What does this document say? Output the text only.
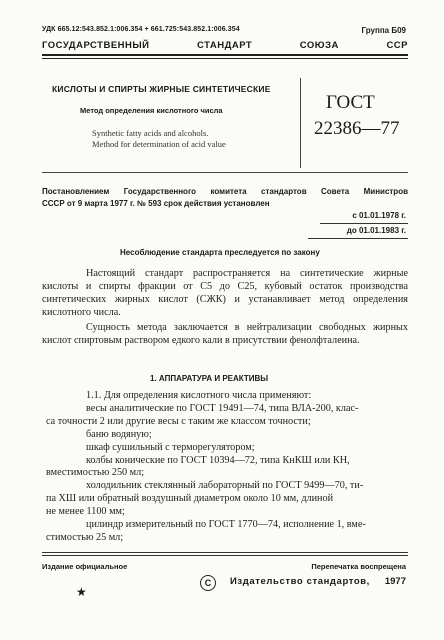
УДК 665.12:543.852.1:006.354 + 661.725:543.852.1:006.354	Группа Б09

ГОСУДАРСТВЕННЫЙ	СТАНДАРТ	СОЮЗА	ССР

КИСЛОТЫ И СПИРТЫ ЖИРНЫЕ СИНТЕТИЧЕСКИЕ

Метод определения кислотного числа

Synthetic fatty acids and alcohols.
Method for determination of acid value

ГОСТ

22386—77

Постановлением Государственного комитета стандартов Совета Министров
СССР от 9 марта 1977 г. № 593 срок действия установлен

с 01.01.1978 г.

до 01.01.1983 г.

Несоблюдение стандарта преследуется по закону

Настоящий стандарт распространяется на синтетические жирные кислоты и спирты фракции от С5 до С25, кубовый остаток производства синтетических жирных кислот (СЖК) и устанавливает метод определения кислотного числа.

Сущность метода заключается в нейтрализации свободных жирных кислот спиртовым раствором едкого кали в присутствии фенолфталеина.

1. АППАРАТУРА И РЕАКТИВЫ

1.1. Для определения кислотного числа применяют:
весы аналитические по ГОСТ 19491—74, типа ВЛА-200, клас-
са точности 2 или другие весы с таким же классом точности;
баню водяную;
шкаф сушильный с терморегулятором;
колбы конические по ГОСТ 10394—72, типа КнКШ или КН,
вместимостью 250 мл;
холодильник стеклянный лабораторный по ГОСТ 9499—70, ти-
па ХШ или обратный воздушный диаметром около 10 мм, длиной
не менее 1100 мм;
цилиндр измерительный по ГОСТ 1770—74, исполнение 1, вме-
стимостью 25 мл;

Издание официальное	Перепечатка воспрещена

★

С	Издательство стандартов, 1977
